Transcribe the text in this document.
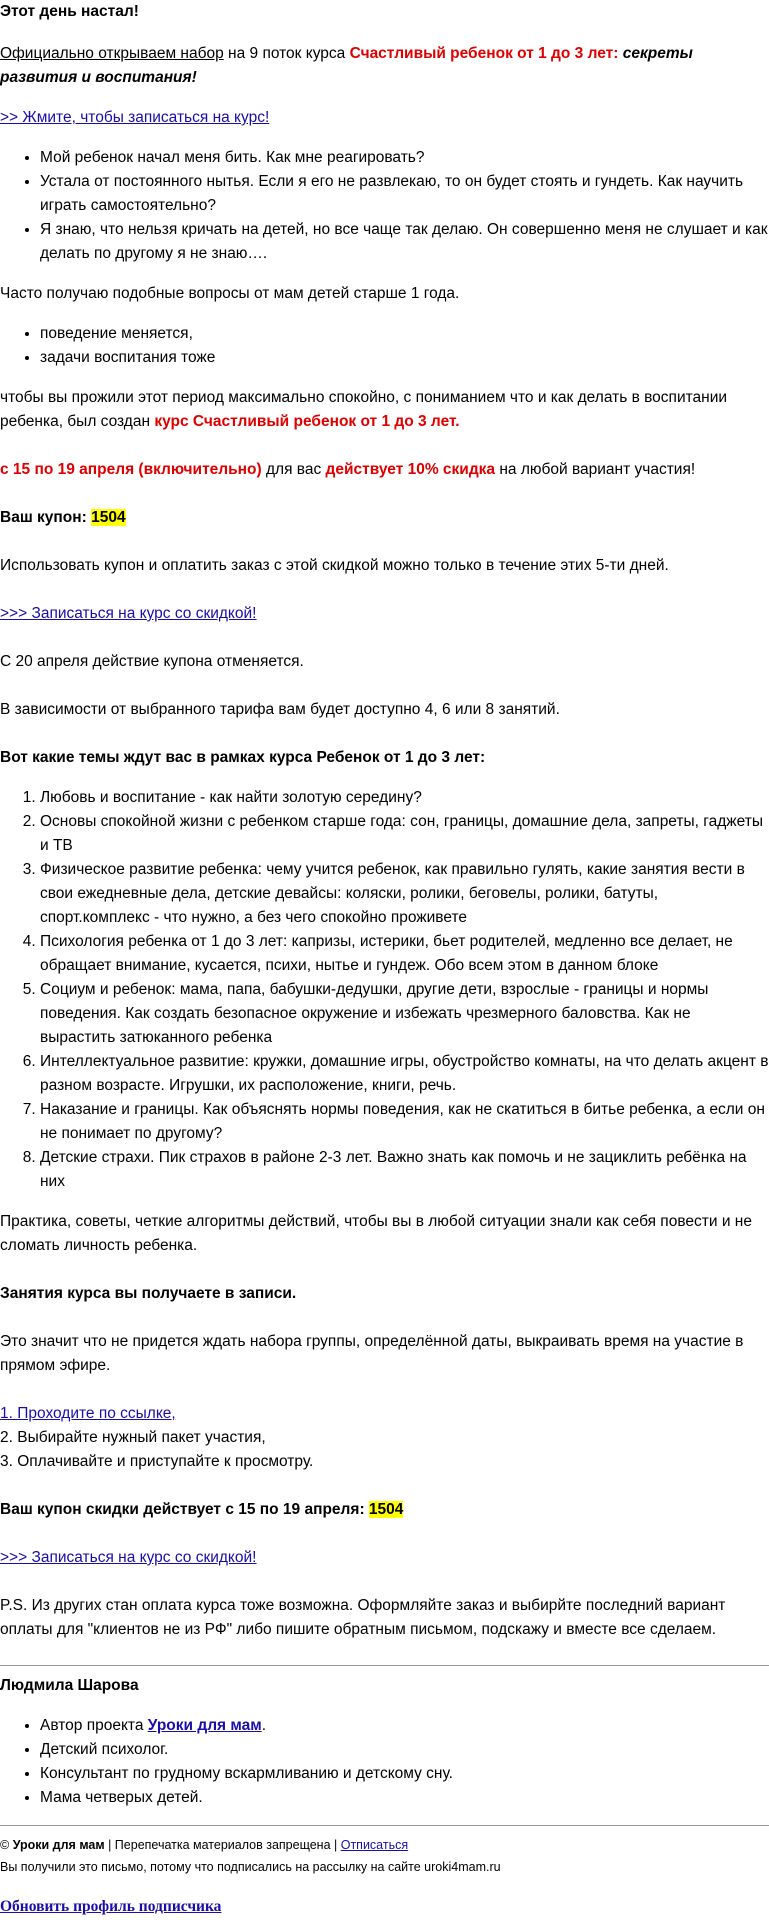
Этот день настал!

Официально открываем набор на 9 поток курса Счастливый ребенок от 1 до 3 лет: секреты развития и воспитания!

>> Жмите, чтобы записаться на курс!

• Мой ребенок начал меня бить. Как мне реагировать?
• Устала от постоянного нытья. Если я его не развлекаю, то он будет стоять и гундеть. Как научить играть самостоятельно?
• Я знаю, что нельзя кричать на детей, но все чаще так делаю. Он совершенно меня не слушает и как делать по другому я не знаю….

Часто получаю подобные вопросы от мам детей старше 1 года.

• поведение меняется,
• задачи воспитания тоже

чтобы вы прожили этот период максимально спокойно, с пониманием что и как делать в воспитании ребенка, был создан курс Счастливый ребенок от 1 до 3 лет.

с 15 по 19 апреля (включительно) для вас действует 10% скидка на любой вариант участия!

Ваш купон: 1504

Использовать купон и оплатить заказ с этой скидкой можно только в течение этих 5-ти дней.

>>> Записаться на курс со скидкой!

С 20 апреля действие купона отменяется.

В зависимости от выбранного тарифа вам будет доступно 4, 6 или 8 занятий.

Вот какие темы ждут вас в рамках курса Ребенок от 1 до 3 лет:

1. Любовь и воспитание - как найти золотую середину?
2. Основы спокойной жизни с ребенком старше года: сон, границы, домашние дела, запреты, гаджеты и ТВ
3. Физическое развитие ребенка: чему учится ребенок, как правильно гулять, какие занятия вести в свои ежедневные дела, детские девайсы: коляски, ролики, беговелы, ролики, батуты, спорт.комплекс - что нужно, а без чего спокойно проживете
4. Психология ребенка от 1 до 3 лет: капризы, истерики, бьет родителей, медленно все делает, не обращает внимание, кусается, психи, нытье и гундеж. Обо всем этом в данном блоке
5. Социум и ребенок: мама, папа, бабушки-дедушки, другие дети, взрослые - границы и нормы поведения. Как создать безопасное окружение и избежать чрезмерного баловства. Как не вырастить затюканного ребенка
6. Интеллектуальное развитие: кружки, домашние игры, обустройство комнаты, на что делать акцент в разном возрасте. Игрушки, их расположение, книги, речь.
7. Наказание и границы. Как объяснять нормы поведения, как не скатиться в битье ребенка, а если он не понимает по другому?
8. Детские страхи. Пик страхов в районе 2-3 лет. Важно знать как помочь и не зациклить ребёнка на них

Практика, советы, четкие алгоритмы действий, чтобы вы в любой ситуации знали как себя повести и не сломать личность ребенка.

Занятия курса вы получаете в записи.

Это значит что не придется ждать набора группы, определённой даты, выкраивать время на участие в прямом эфире.

1. Проходите по ссылке,
2. Выбирайте нужный пакет участия,
3. Оплачивайте и приступайте к просмотру.

Ваш купон скидки действует с 15 по 19 апреля: 1504

>>> Записаться на курс со скидкой!

P.S. Из других стан оплата курса тоже возможна. Оформляйте заказ и выбирйте последний вариант оплаты для "клиентов не из РФ" либо пишите обратным письмом, подскажу и вместе все сделаем.

Людмила Шарова

• Автор проекта Уроки для мам.
• Детский психолог.
• Консультант по грудному вскармливанию и детскому сну.
• Мама четверых детей.

© Уроки для мам | Перепечатка материалов запрещена | Отписаться

Вы получили это письмо, потому что подписались на рассылку на сайте uroki4mam.ru

Обновить профиль подписчика
